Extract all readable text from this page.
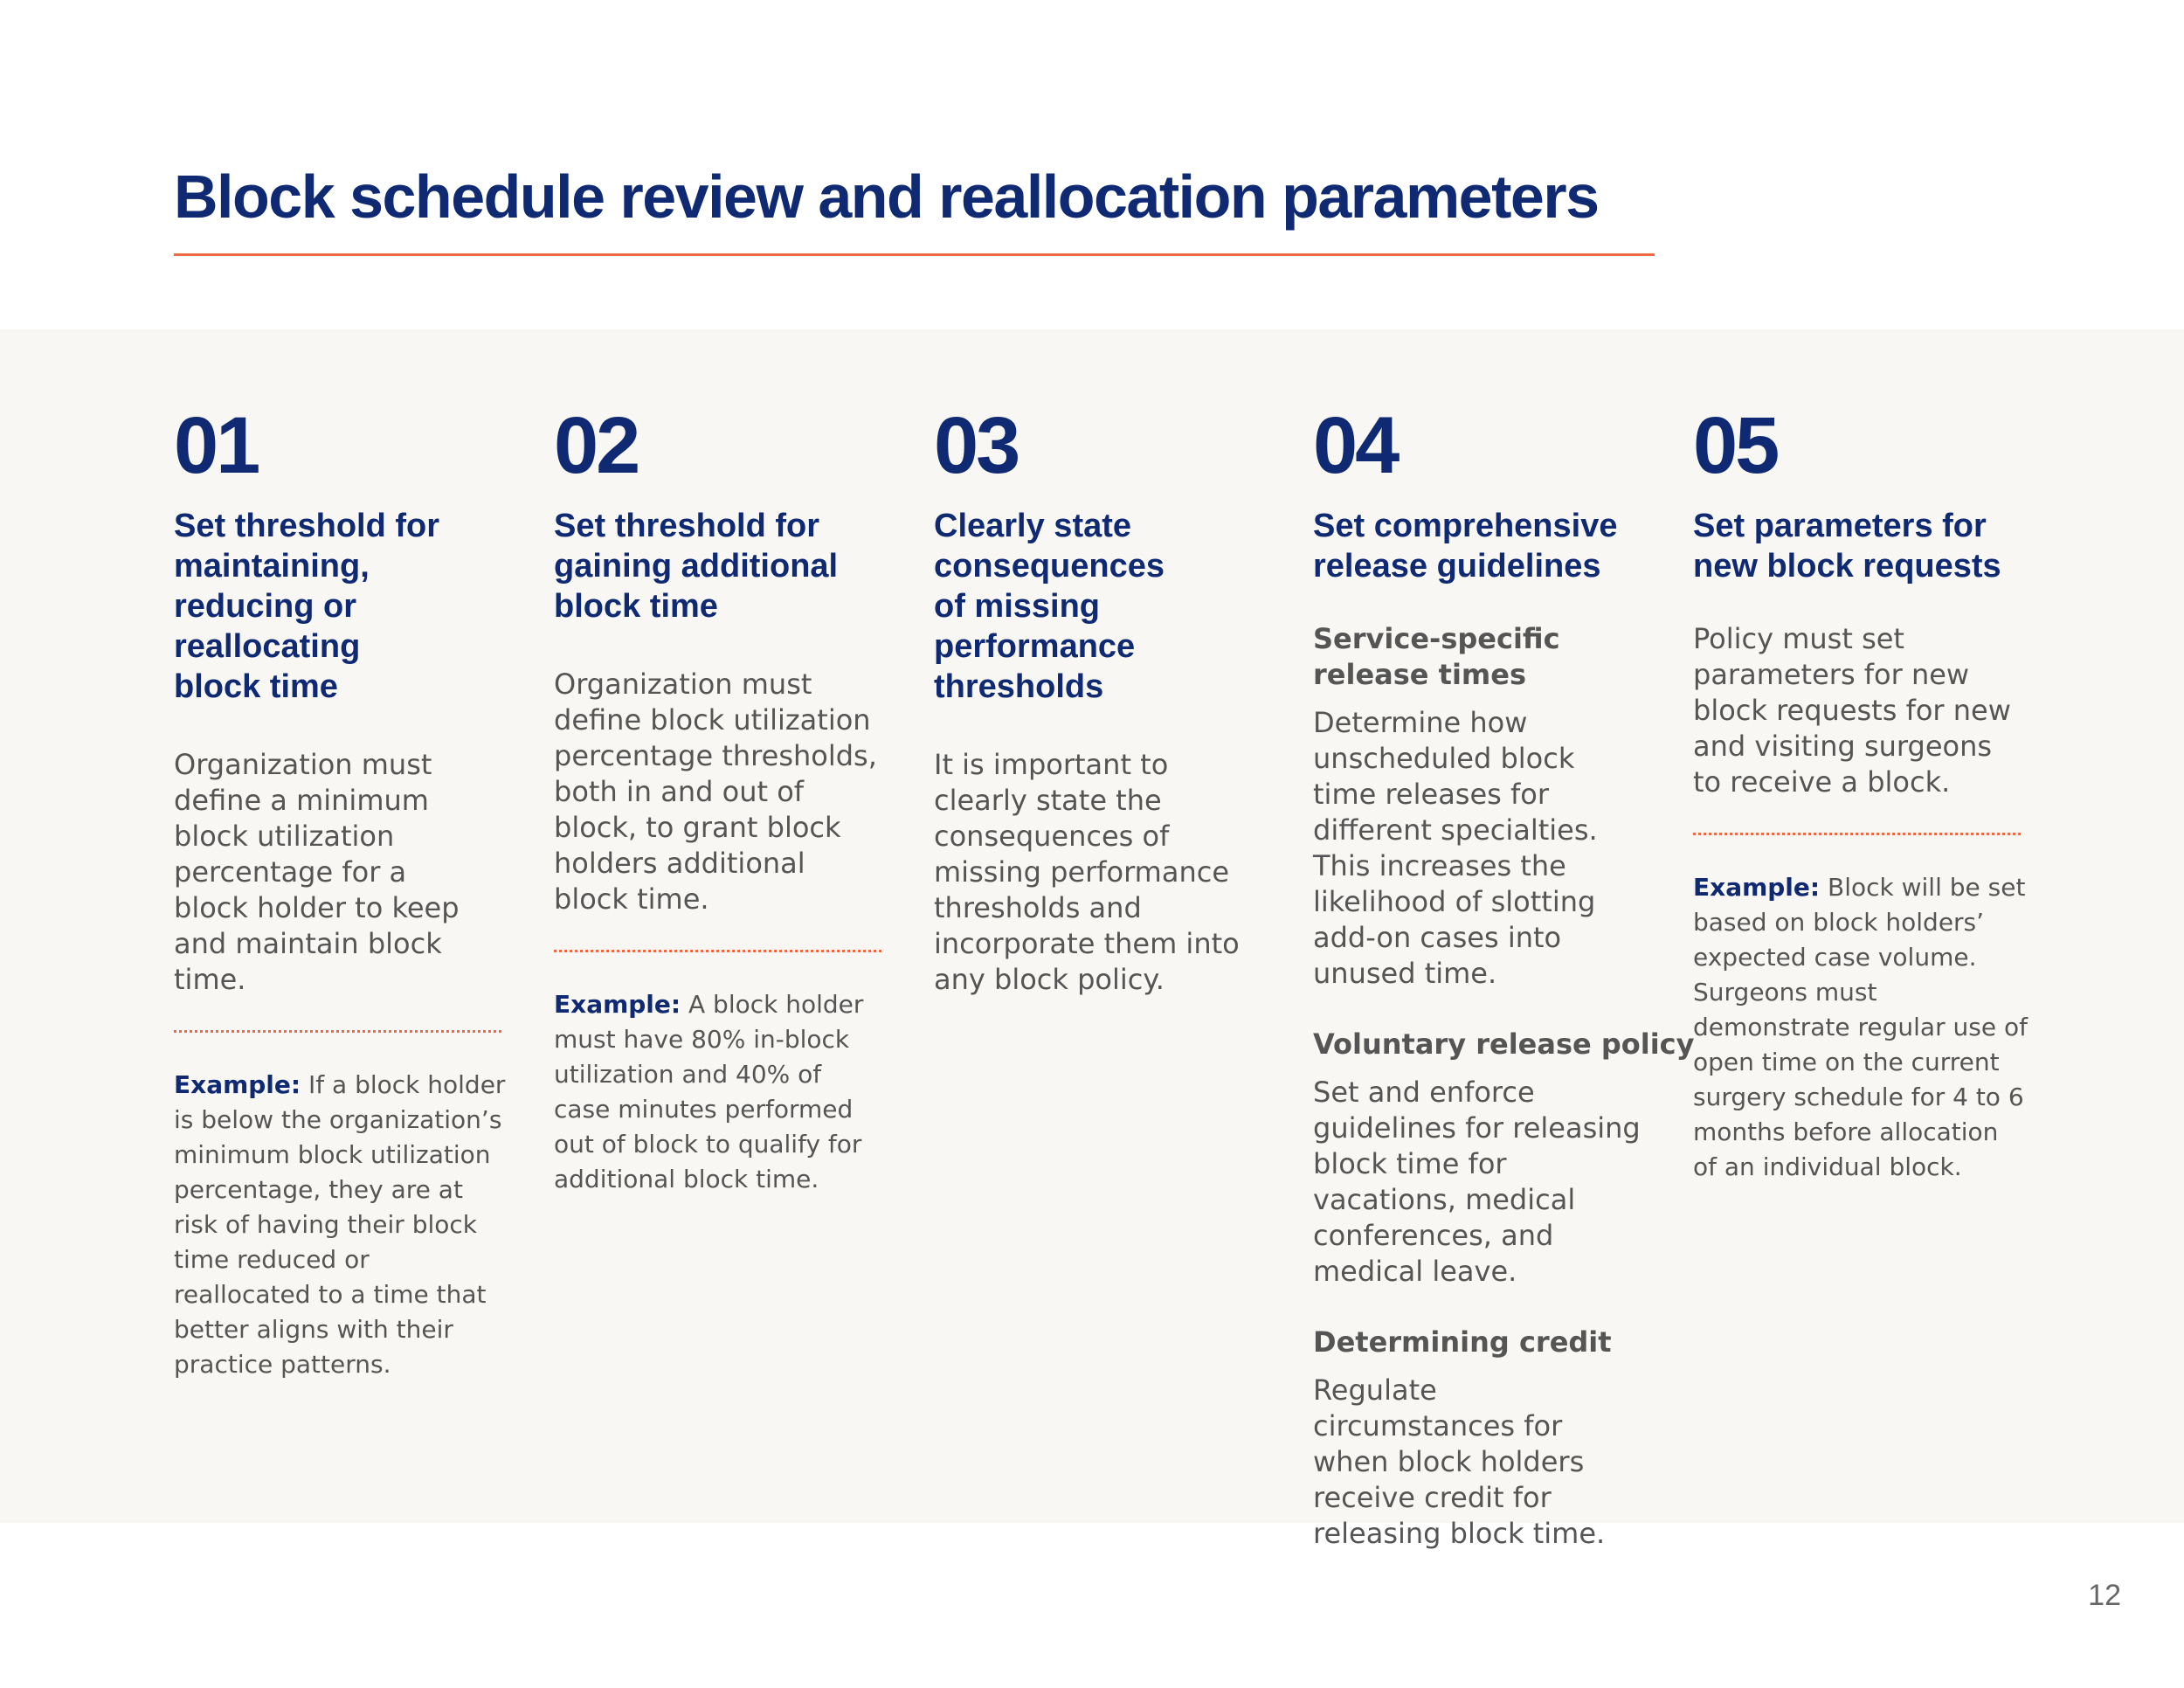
Block schedule review and reallocation parameters
01
Set threshold for maintaining, reducing or reallocating block time

Organization must define a minimum block utilization percentage for a block holder to keep and maintain block time.

Example: If a block holder is below the organization’s minimum block utilization percentage, they are at risk of having their block time reduced or reallocated to a time that better aligns with their practice patterns.

02
Set threshold for gaining additional block time

Organization must define block utilization percentage thresholds, both in and out of block, to grant block holders additional block time.

Example: A block holder must have 80% in-block utilization and 40% of case minutes performed out of block to qualify for additional block time.

03
Clearly state consequences of missing performance thresholds

It is important to clearly state the consequences of missing performance thresholds and incorporate them into any block policy.

04
Set comprehensive release guidelines
Service-specific release times

Determine how unscheduled block time releases for different specialties. This increases the likelihood of slotting add-on cases into unused time.

Voluntary release policy

Set and enforce guidelines for releasing block time for vacations, medical conferences, and medical leave.

Determining credit

Regulate circumstances for when block holders receive credit for releasing block time.

05
Set parameters for new block requests

Policy must set parameters for new block requests for new and visiting surgeons to receive a block.

Example: Block will be set based on block holders’ expected case volume. Surgeons must demonstrate regular use of open time on the current surgery schedule for 4 to 6 months before allocation of an individual block.

12
